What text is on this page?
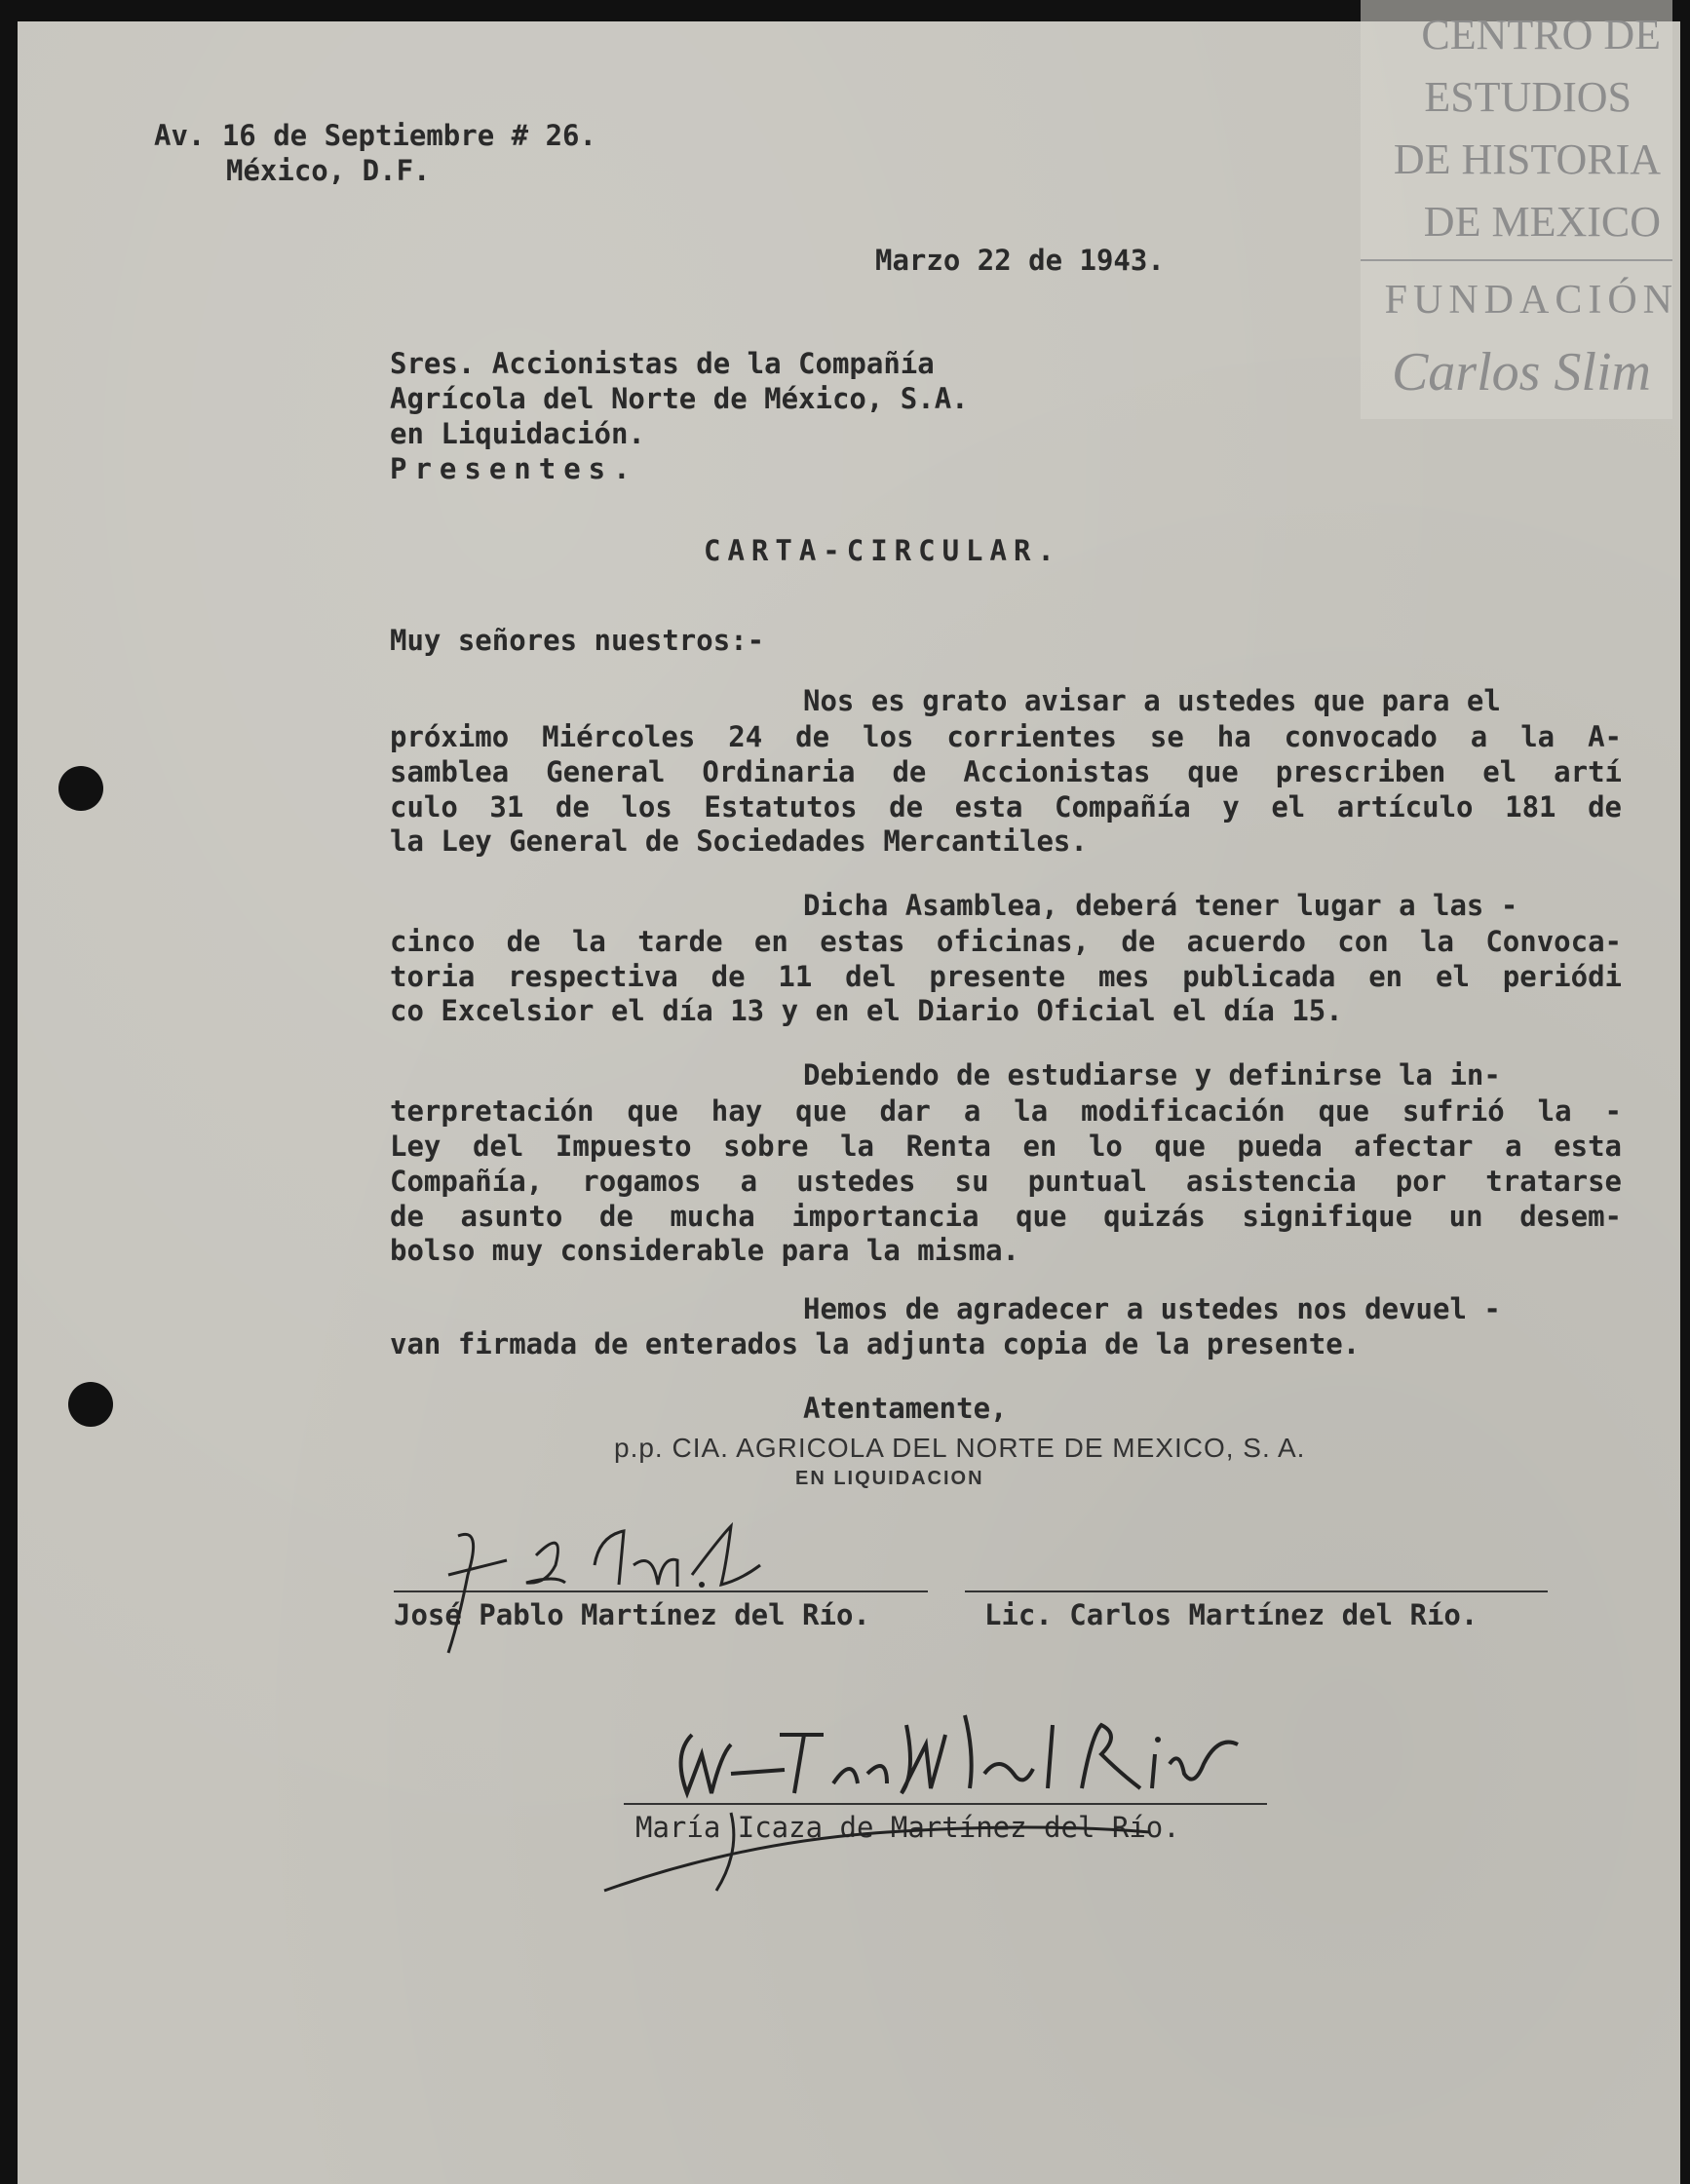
CENTRO DE

ESTUDIOS

DE HISTORIA

DE MEXICO

FUNDACIÓN

Carlos Slim

Av. 16 de Septiembre # 26.

México, D.F.

Marzo 22 de 1943.

Sres. Accionistas de la Compañía

Agrícola del Norte de México, S.A.

en Liquidación.

Presentes.

CARTA-CIRCULAR.

Muy señores nuestros:-

Nos es grato avisar a ustedes que para el

próximo Miércoles 24 de los corrientes se ha convocado a la A-

samblea General Ordinaria de Accionistas que prescriben el artí

culo 31 de los Estatutos de esta Compañía y el artículo 181 de

la Ley General de Sociedades Mercantiles.

Dicha Asamblea, deberá tener lugar a las -

cinco de la tarde en estas oficinas, de acuerdo con la Convoca-

toria respectiva de 11 del presente mes publicada en el periódi

co Excelsior el día 13 y en el Diario Oficial el día 15.

Debiendo de estudiarse y definirse la in-

terpretación que hay que dar a la modificación que sufrió la -

Ley del Impuesto sobre la Renta en lo que pueda afectar a esta

Compañía, rogamos a ustedes su puntual asistencia por tratarse

de asunto de mucha importancia que quizás signifique un desem-

bolso muy considerable para la misma.

Hemos de agradecer a ustedes nos devuel -

van firmada de enterados la adjunta copia de la presente.

Atentamente,

p.p. CIA. AGRICOLA DEL NORTE DE MEXICO, S. A.

EN LIQUIDACION

José Pablo Martínez del Río.	Lic. Carlos Martínez del Río.

María Icaza de Martínez del Río.
